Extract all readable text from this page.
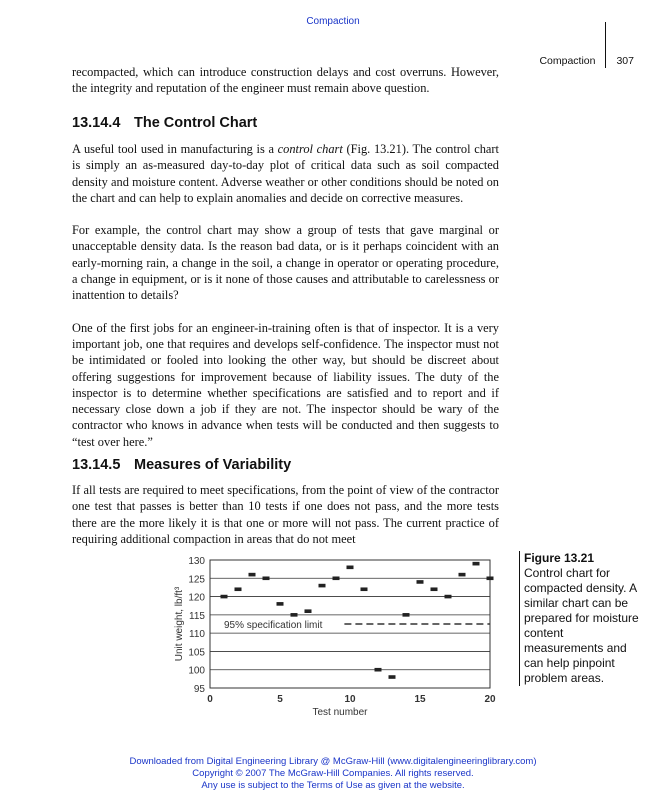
Compaction
Compaction 307

recompacted, which can introduce construction delays and cost overruns. However, the integrity and reputation of the engineer must remain above question.

13.14.4 The Control Chart

A useful tool used in manufacturing is a control chart (Fig. 13.21). The control chart is simply an as-measured day-to-day plot of critical data such as soil compacted density and moisture content. Adverse weather or other conditions should be noted on the chart and can help to explain anomalies and decide on corrective measures.

For example, the control chart may show a group of tests that gave marginal or unacceptable density data. Is the reason bad data, or is it perhaps coincident with an early-morning rain, a change in the soil, a change in operator or operating procedure, a change in equipment, or is it none of those causes and attributable to carelessness or inattention to details?

One of the first jobs for an engineer-in-training often is that of inspector. It is a very important job, one that requires and develops self-confidence. The inspector must not be intimidated or fooled into looking the other way, but should be discreet about offering suggestions for improvement because of liability issues. The duty of the inspector is to determine whether specifications are satisfied and to report and if necessary close down a job if they are not. The inspector should be wary of the contractor who knows in advance when tests will be conducted and then suggests to “test over here.”

13.14.5 Measures of Variability

If all tests are required to meet specifications, from the point of view of the contractor one test that passes is better than 10 tests if one does not pass, and the more tests there are the more likely it is that one or more will not pass. The current practice of requiring additional compaction in areas that do not meet

95
100
105
110
115
120
125
130
0	5	10	15	20
Test number
Unit weight, lb/ft³	95% specification limit
Figure 13.21
Control chart for compacted density. A similar chart can be prepared for moisture content measurements and can help pinpoint problem areas.
Downloaded from Digital Engineering Library @ McGraw-Hill (www.digitalengineeringlibrary.com)
Copyright © 2007 The McGraw-Hill Companies. All rights reserved.
Any use is subject to the Terms of Use as given at the website.
